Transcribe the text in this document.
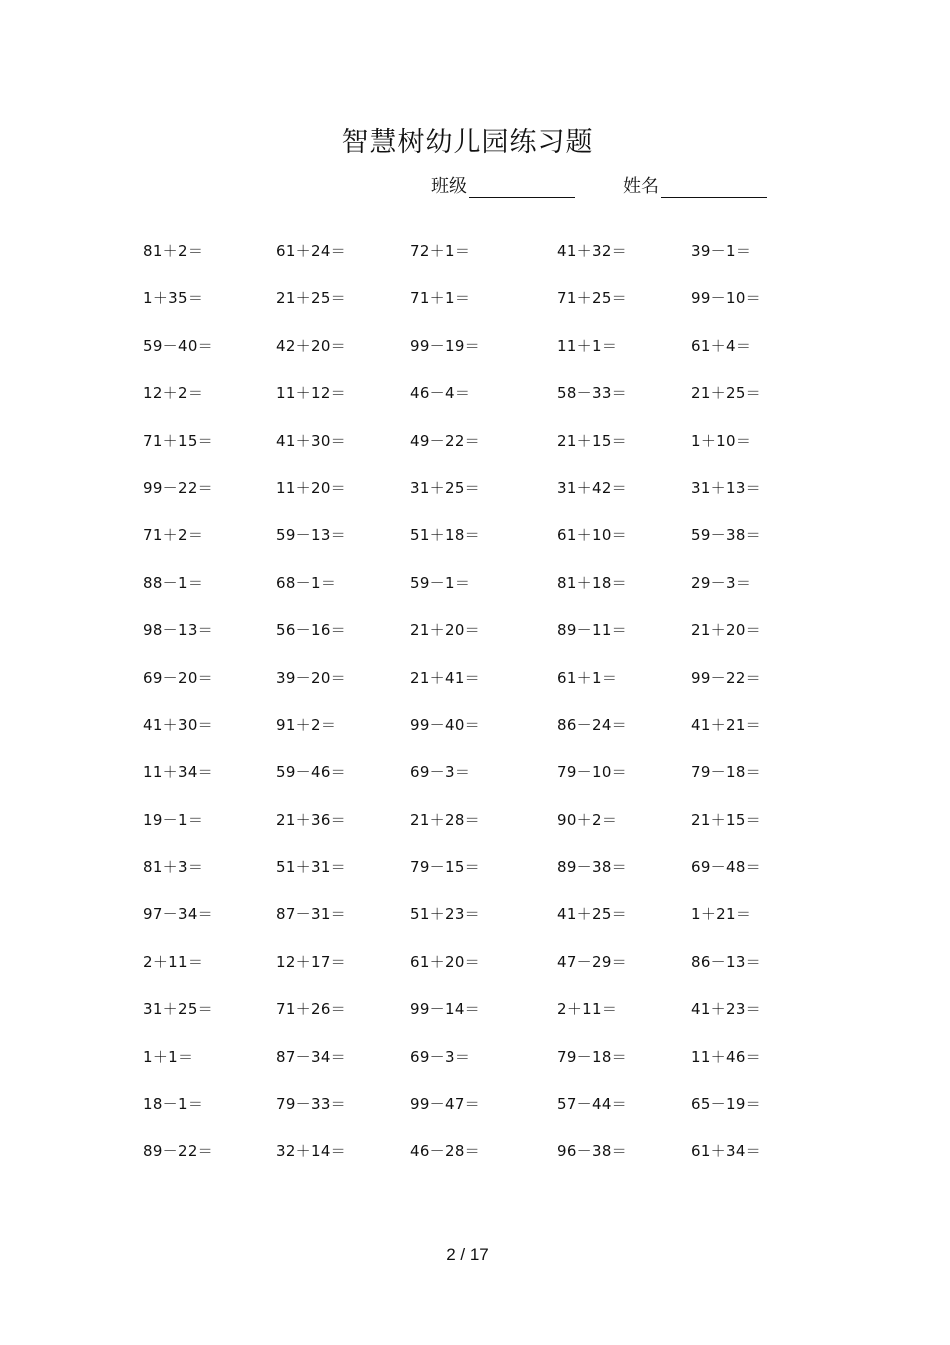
智慧树幼儿园练习题
班级	姓名
81＋2＝	61＋24＝	72＋1＝	41＋32＝	39－1＝
1＋35＝	21＋25＝	71＋1＝	71＋25＝	99－10＝
59－40＝	42＋20＝	99－19＝	11＋1＝	61＋4＝
12＋2＝	11＋12＝	46－4＝	58－33＝	21＋25＝
71＋15＝	41＋30＝	49－22＝	21＋15＝	1＋10＝
99－22＝	11＋20＝	31＋25＝	31＋42＝	31＋13＝
71＋2＝	59－13＝	51＋18＝	61＋10＝	59－38＝
88－1＝	68－1＝	59－1＝	81＋18＝	29－3＝
98－13＝	56－16＝	21＋20＝	89－11＝	21＋20＝
69－20＝	39－20＝	21＋41＝	61＋1＝	99－22＝
41＋30＝	91＋2＝	99－40＝	86－24＝	41＋21＝
11＋34＝	59－46＝	69－3＝	79－10＝	79－18＝
19－1＝	21＋36＝	21＋28＝	90＋2＝	21＋15＝
81＋3＝	51＋31＝	79－15＝	89－38＝	69－48＝
97－34＝	87－31＝	51＋23＝	41＋25＝	1＋21＝
2＋11＝	12＋17＝	61＋20＝	47－29＝	86－13＝
31＋25＝	71＋26＝	99－14＝	2＋11＝	41＋23＝
1＋1＝	87－34＝	69－3＝	79－18＝	11＋46＝
18－1＝	79－33＝	99－47＝	57－44＝	65－19＝
89－22＝	32＋14＝	46－28＝	96－38＝	61＋34＝
2 / 17
